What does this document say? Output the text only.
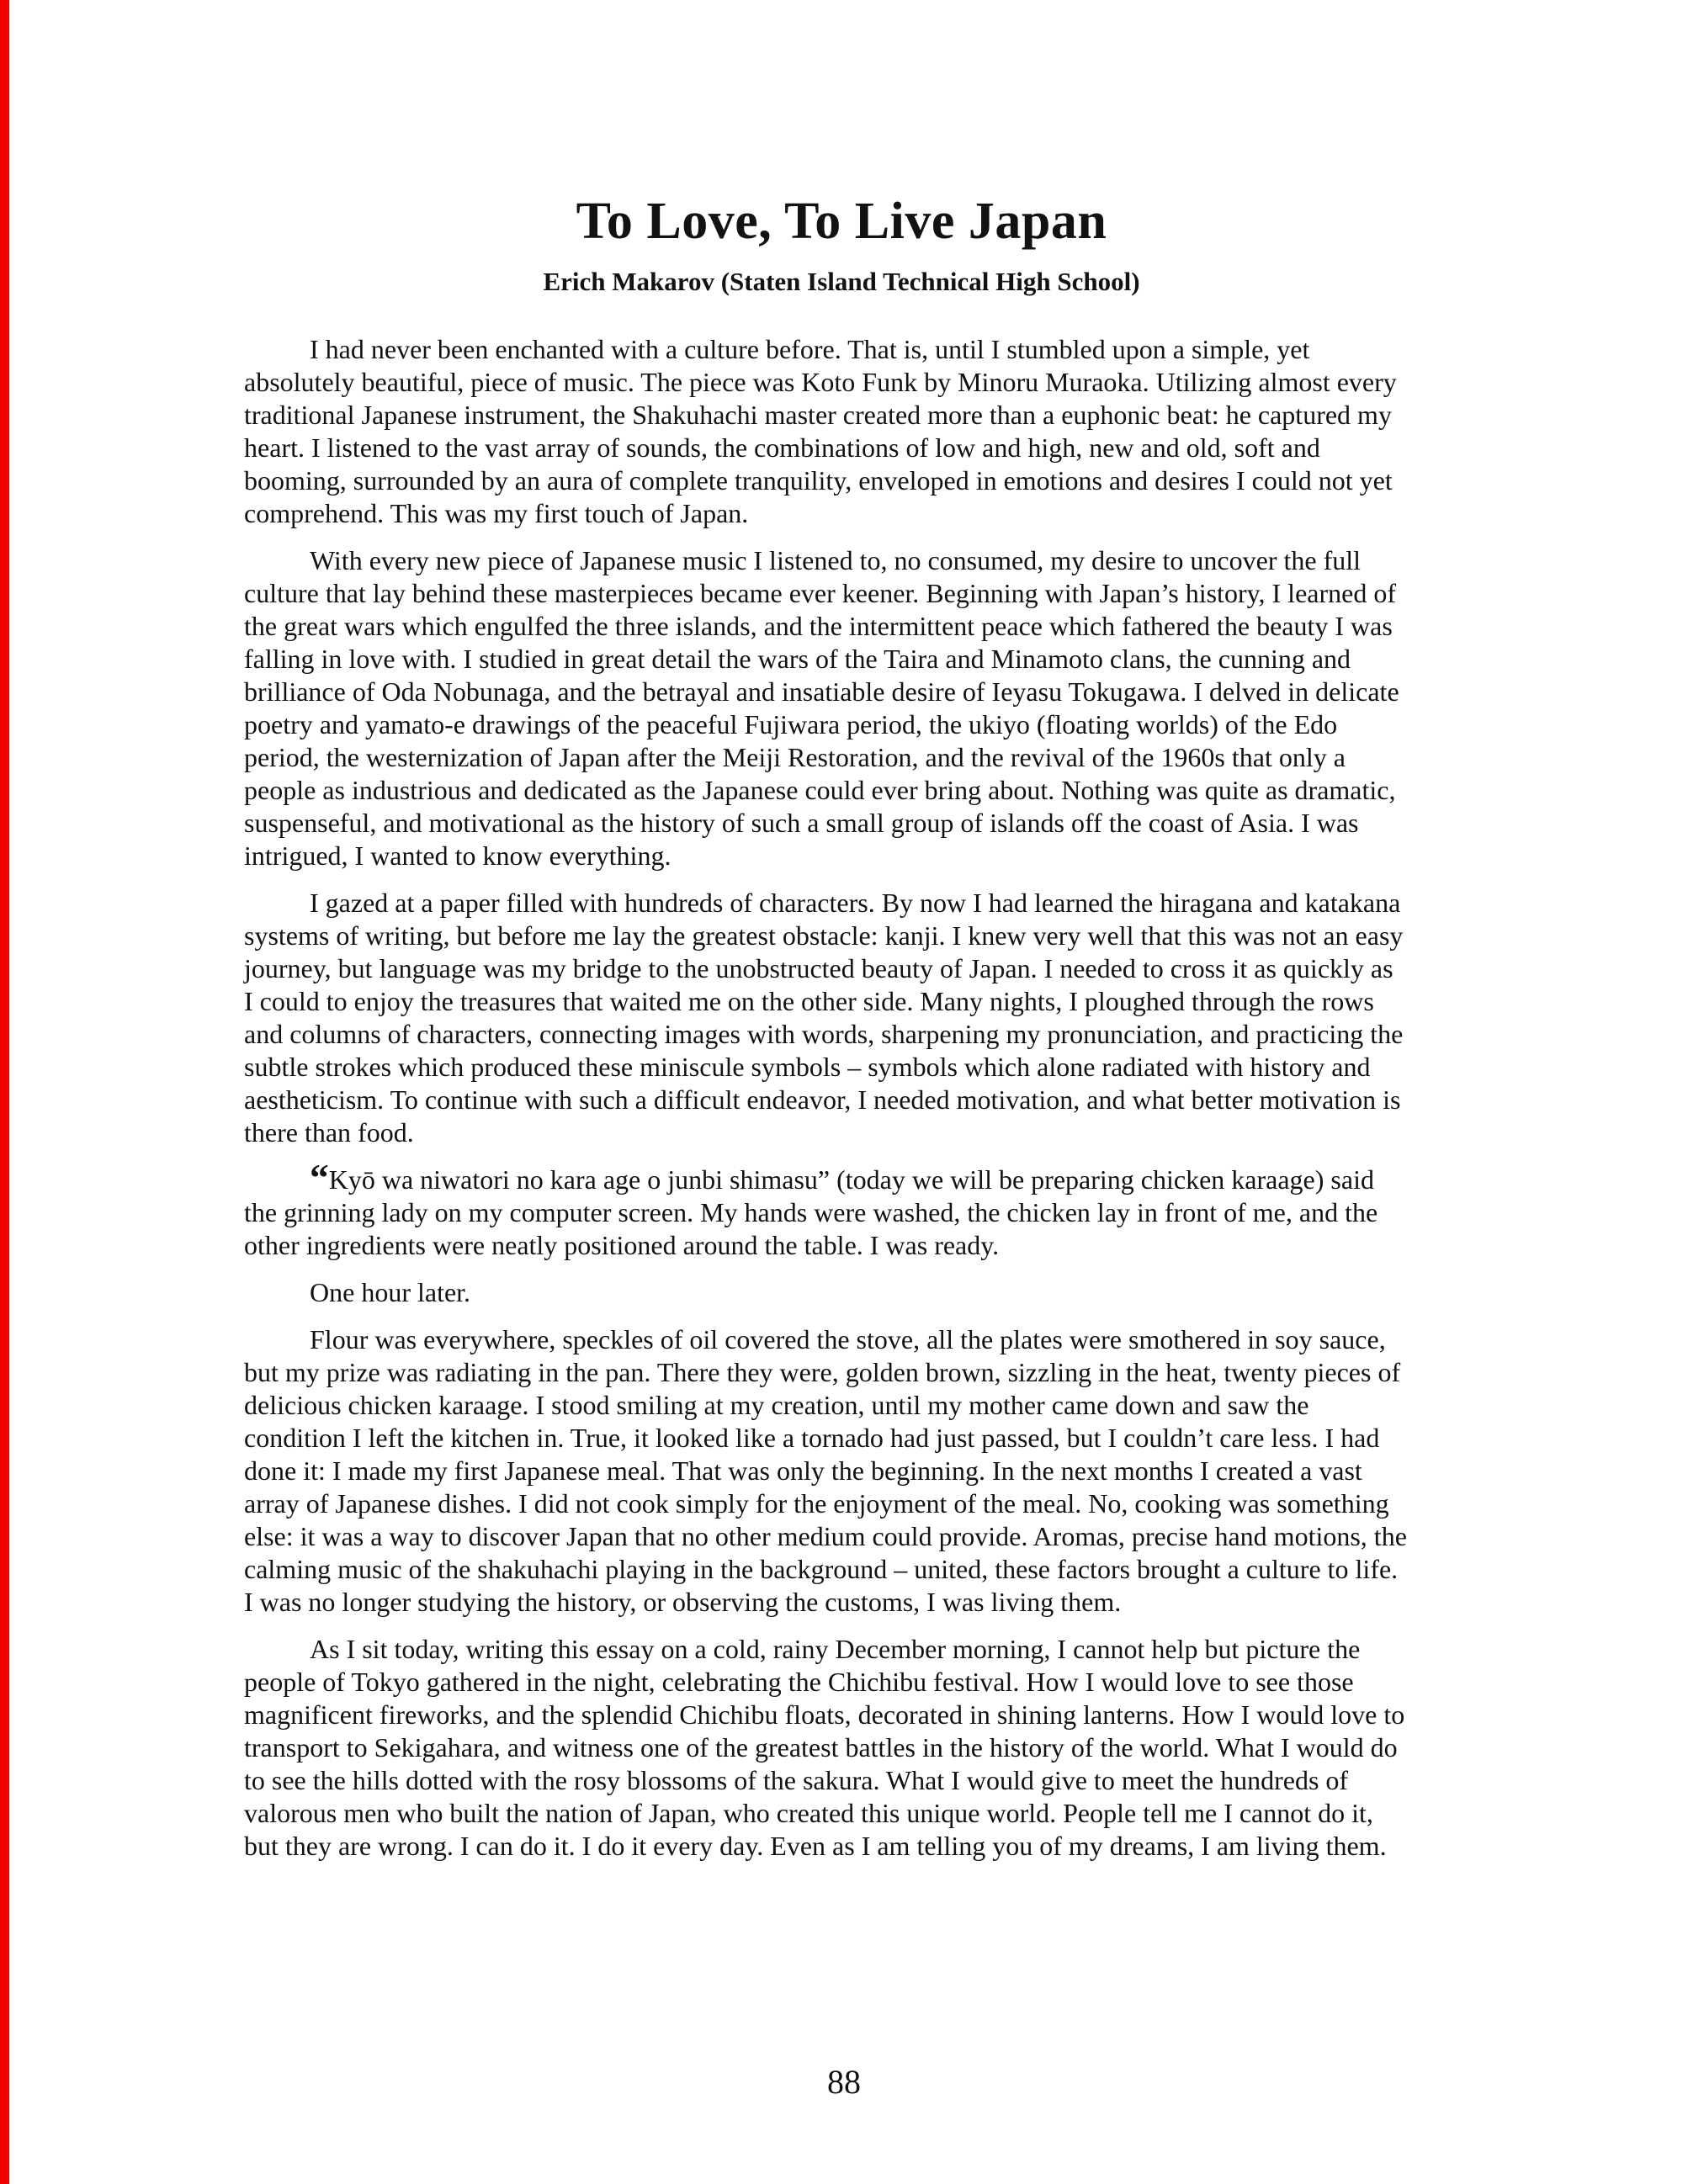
To Love, To Live Japan
Erich Makarov (Staten Island Technical High School)
I had never been enchanted with a culture before. That is, until I stumbled upon a simple, yet
absolutely beautiful, piece of music. The piece was Koto Funk by Minoru Muraoka. Utilizing almost every
traditional Japanese instrument, the Shakuhachi master created more than a euphonic beat: he captured my
heart. I listened to the vast array of sounds, the combinations of low and high, new and old, soft and
booming, surrounded by an aura of complete tranquility, enveloped in emotions and desires I could not yet
comprehend. This was my first touch of Japan.
With every new piece of Japanese music I listened to, no consumed, my desire to uncover the full
culture that lay behind these masterpieces became ever keener. Beginning with Japan’s history, I learned of
the great wars which engulfed the three islands, and the intermittent peace which fathered the beauty I was
falling in love with. I studied in great detail the wars of the Taira and Minamoto clans, the cunning and
brilliance of Oda Nobunaga, and the betrayal and insatiable desire of Ieyasu Tokugawa. I delved in delicate
poetry and yamato-e drawings of the peaceful Fujiwara period, the ukiyo (floating worlds) of the Edo
period, the westernization of Japan after the Meiji Restoration, and the revival of the 1960s that only a
people as industrious and dedicated as the Japanese could ever bring about. Nothing was quite as dramatic,
suspenseful, and motivational as the history of such a small group of islands off the coast of Asia. I was
intrigued, I wanted to know everything.
I gazed at a paper filled with hundreds of characters. By now I had learned the hiragana and katakana
systems of writing, but before me lay the greatest obstacle: kanji. I knew very well that this was not an easy
journey, but language was my bridge to the unobstructed beauty of Japan. I needed to cross it as quickly as
I could to enjoy the treasures that waited me on the other side. Many nights, I ploughed through the rows
and columns of characters, connecting images with words, sharpening my pronunciation, and practicing the
subtle strokes which produced these miniscule symbols – symbols which alone radiated with history and
aestheticism. To continue with such a difficult endeavor, I needed motivation, and what better motivation is
there than food.
“Kyō wa niwatori no kara age o junbi shimasu” (today we will be preparing chicken karaage) said
the grinning lady on my computer screen. My hands were washed, the chicken lay in front of me, and the
other ingredients were neatly positioned around the table. I was ready.
One hour later.
Flour was everywhere, speckles of oil covered the stove, all the plates were smothered in soy sauce,
but my prize was radiating in the pan. There they were, golden brown, sizzling in the heat, twenty pieces of
delicious chicken karaage. I stood smiling at my creation, until my mother came down and saw the
condition I left the kitchen in. True, it looked like a tornado had just passed, but I couldn’t care less. I had
done it: I made my first Japanese meal. That was only the beginning. In the next months I created a vast
array of Japanese dishes. I did not cook simply for the enjoyment of the meal. No, cooking was something
else: it was a way to discover Japan that no other medium could provide. Aromas, precise hand motions, the
calming music of the shakuhachi playing in the background – united, these factors brought a culture to life.
I was no longer studying the history, or observing the customs, I was living them.
As I sit today, writing this essay on a cold, rainy December morning, I cannot help but picture the
people of Tokyo gathered in the night, celebrating the Chichibu festival. How I would love to see those
magnificent fireworks, and the splendid Chichibu floats, decorated in shining lanterns. How I would love to
transport to Sekigahara, and witness one of the greatest battles in the history of the world. What I would do
to see the hills dotted with the rosy blossoms of the sakura. What I would give to meet the hundreds of
valorous men who built the nation of Japan, who created this unique world. People tell me I cannot do it,
but they are wrong. I can do it. I do it every day. Even as I am telling you of my dreams, I am living them.
88
